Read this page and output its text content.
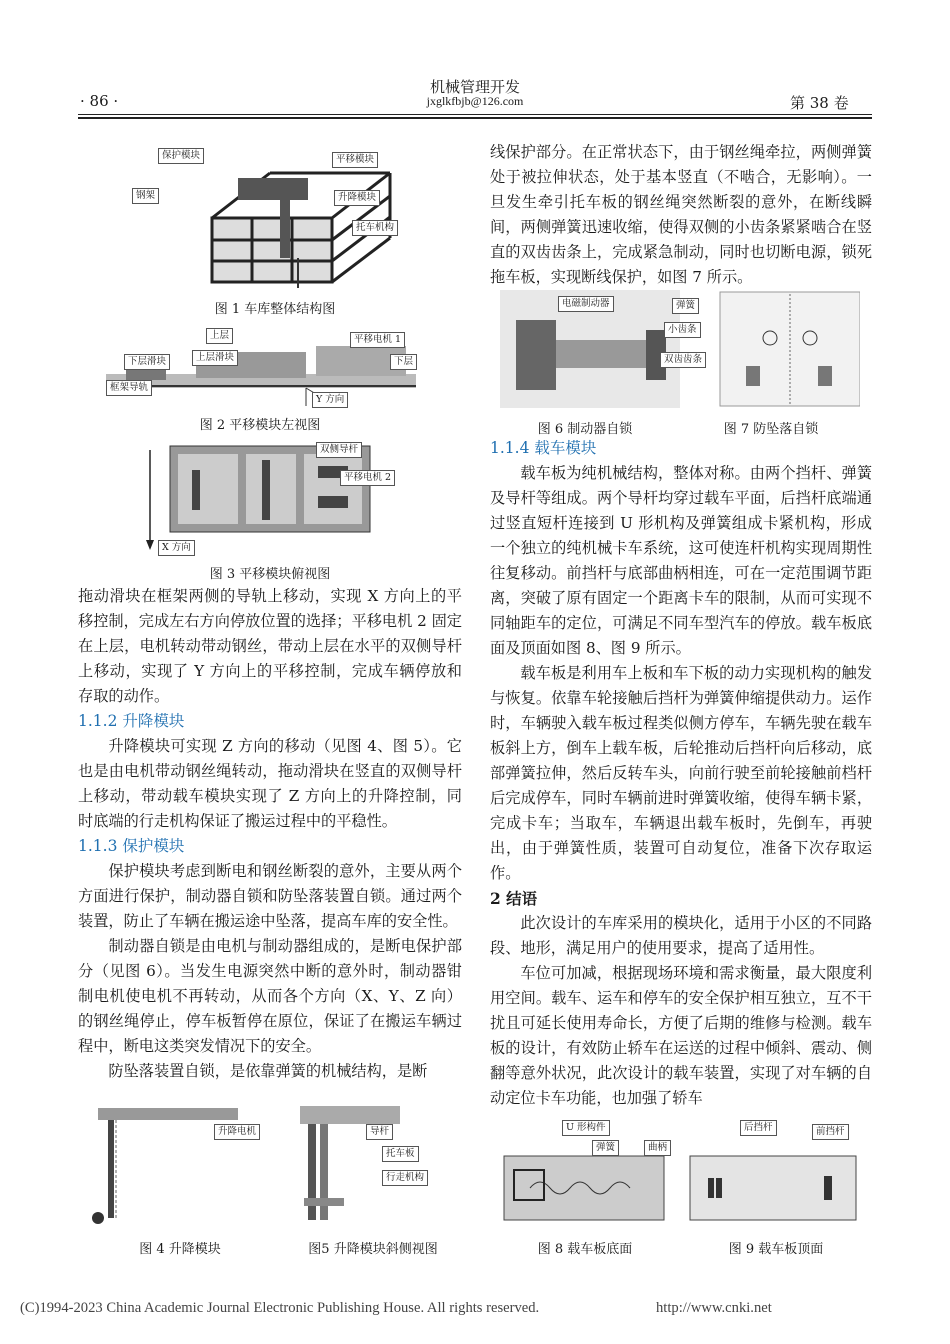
· 86 ·
机械管理开发
jxglkfbjb@126.com	第 38 卷
保护模块	平移模块
钢架	升降模块
托车机构
图 1 车库整体结构图
上层	平移电机 1
下层滑块	上层滑块	下层
框架导轨
Y 方向
图 2 平移模块左视图
双侧导杆
平移电机 2
X 方向
图 3 平移模块俯视图

拖动滑块在框架两侧的导轨上移动，实现 X 方向上的平移控制，完成左右方向停放位置的选择；平移电机 2 固定在上层，电机转动带动钢丝，带动上层在水平的双侧导杆上移动，实现了 Y 方向上的平移控制，完成车辆停放和存取的动作。

1.1.2 升降模块

升降模块可实现 Z 方向的移动（见图 4、图 5）。它也是由电机带动钢丝绳转动，拖动滑块在竖直的双侧导杆上移动，带动载车模块实现了 Z 方向上的升降控制，同时底端的行走机构保证了搬运过程中的平稳性。

1.1.3 保护模块

保护模块考虑到断电和钢丝断裂的意外，主要从两个方面进行保护，制动器自锁和防坠落装置自锁。通过两个装置，防止了车辆在搬运途中坠落，提高车库的安全性。

制动器自锁是由电机与制动器组成的，是断电保护部分（见图 6）。当发生电源突然中断的意外时，制动器钳制电机使电机不再转动，从而各个方向（X、Y、Z 向）的钢丝绳停止，停车板暂停在原位，保证了在搬运车辆过程中，断电这类突发情况下的安全。

防坠落装置自锁，是依靠弹簧的机械结构，是断

升降电机
图 4 升降模块
导杆
托车板
行走机构
图5 升降模块斜侧视图

线保护部分。在正常状态下，由于钢丝绳牵拉，两侧弹簧处于被拉伸状态，处于基本竖直（不啮合，无影响）。一旦发生牵引托车板的钢丝绳突然断裂的意外，在断线瞬间，两侧弹簧迅速收缩，使得双侧的小齿条紧紧啮合在竖直的双齿齿条上，完成紧急制动，同时也切断电源，锁死拖车板，实现断线保护，如图 7 所示。

电磁制动器
图 6 制动器自锁
弹簧
小齿条
双齿齿条
图 7 防坠落自锁
1.1.4 载车模块

载车板为纯机械结构，整体对称。由两个挡杆、弹簧及导杆等组成。两个导杆均穿过载车平面，后挡杆底端通过竖直短杆连接到 U 形机构及弹簧组成卡紧机构，形成一个独立的纯机械卡车系统，这可使连杆机构实现周期性往复移动。前挡杆与底部曲柄相连，可在一定范围调节距离，突破了原有固定一个距离卡车的限制，从而可实现不同轴距车的定位，可满足不同车型汽车的停放。载车板底面及顶面如图 8、图 9 所示。

载车板是利用车上板和车下板的动力实现机构的触发与恢复。依靠车轮接触后挡杆为弹簧伸缩提供动力。运作时，车辆驶入载车板过程类似侧方停车，车辆先驶在载车板斜上方，倒车上载车板，后轮推动后挡杆向后移动，底部弹簧拉伸，然后反转车头，向前行驶至前轮接触前档杆后完成停车，同时车辆前进时弹簧收缩，使得车辆卡紧，完成卡车；当取车，车辆退出载车板时，先倒车，再驶出，由于弹簧性质，装置可自动复位，准备下次存取运作。

2 结语

此次设计的车库采用的模块化，适用于小区的不同路段、地形，满足用户的使用要求，提高了适用性。

车位可加减，根据现场环境和需求衡量，最大限度利用空间。载车、运车和停车的安全保护相互独立，互不干扰且可延长使用寿命长，方便了后期的维修与检测。载车板的设计，有效防止轿车在运送的过程中倾斜、震动、侧翻等意外状况，此次设计的载车装置，实现了对车辆的自动定位卡车功能，也加强了轿车

U 形构件
弹簧	曲柄
图 8 载车板底面
后挡杆	前挡杆
图 9 载车板顶面
(C)1994-2023 China Academic Journal Electronic Publishing House. All rights reserved.	http://www.cnki.net
